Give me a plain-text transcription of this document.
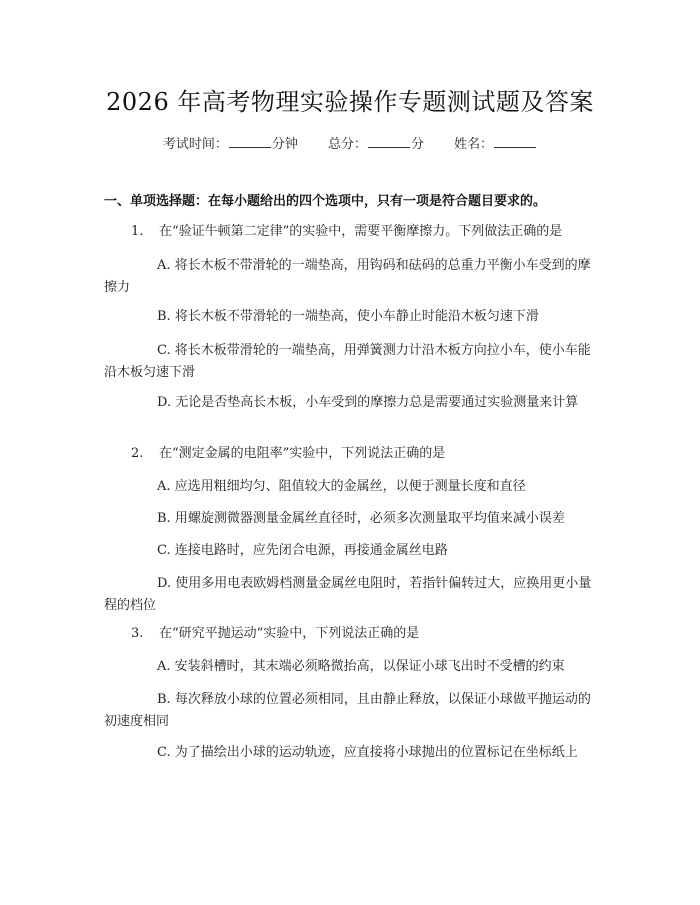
2026 年高考物理实验操作专题测试题及答案
考试时间：	分钟 总分：	分 姓名：
一、单项选择题：在每小题给出的四个选项中，只有一项是符合题目要求的。
1. 在“验证牛顿第二定律”的实验中，需要平衡摩擦力。下列做法正确的是
A. 将长木板不带滑轮的一端垫高，用钩码和砝码的总重力平衡小车受到的摩擦力
B. 将长木板不带滑轮的一端垫高，使小车静止时能沿木板匀速下滑
C. 将长木板带滑轮的一端垫高，用弹簧测力计沿木板方向拉小车，使小车能沿木板匀速下滑
D. 无论是否垫高长木板，小车受到的摩擦力总是需要通过实验测量来计算
2. 在“测定金属的电阻率”实验中，下列说法正确的是
A. 应选用粗细均匀、阻值较大的金属丝，以便于测量长度和直径
B. 用螺旋测微器测量金属丝直径时，必须多次测量取平均值来减小误差
C. 连接电路时，应先闭合电源，再接通金属丝电路
D. 使用多用电表欧姆档测量金属丝电阻时，若指针偏转过大，应换用更小量程的档位
3. 在“研究平抛运动”实验中，下列说法正确的是
A. 安装斜槽时，其末端必须略微抬高，以保证小球飞出时不受槽的约束
B. 每次释放小球的位置必须相同，且由静止释放，以保证小球做平抛运动的初速度相同
C. 为了描绘出小球的运动轨迹，应直接将小球抛出的位置标记在坐标纸上
